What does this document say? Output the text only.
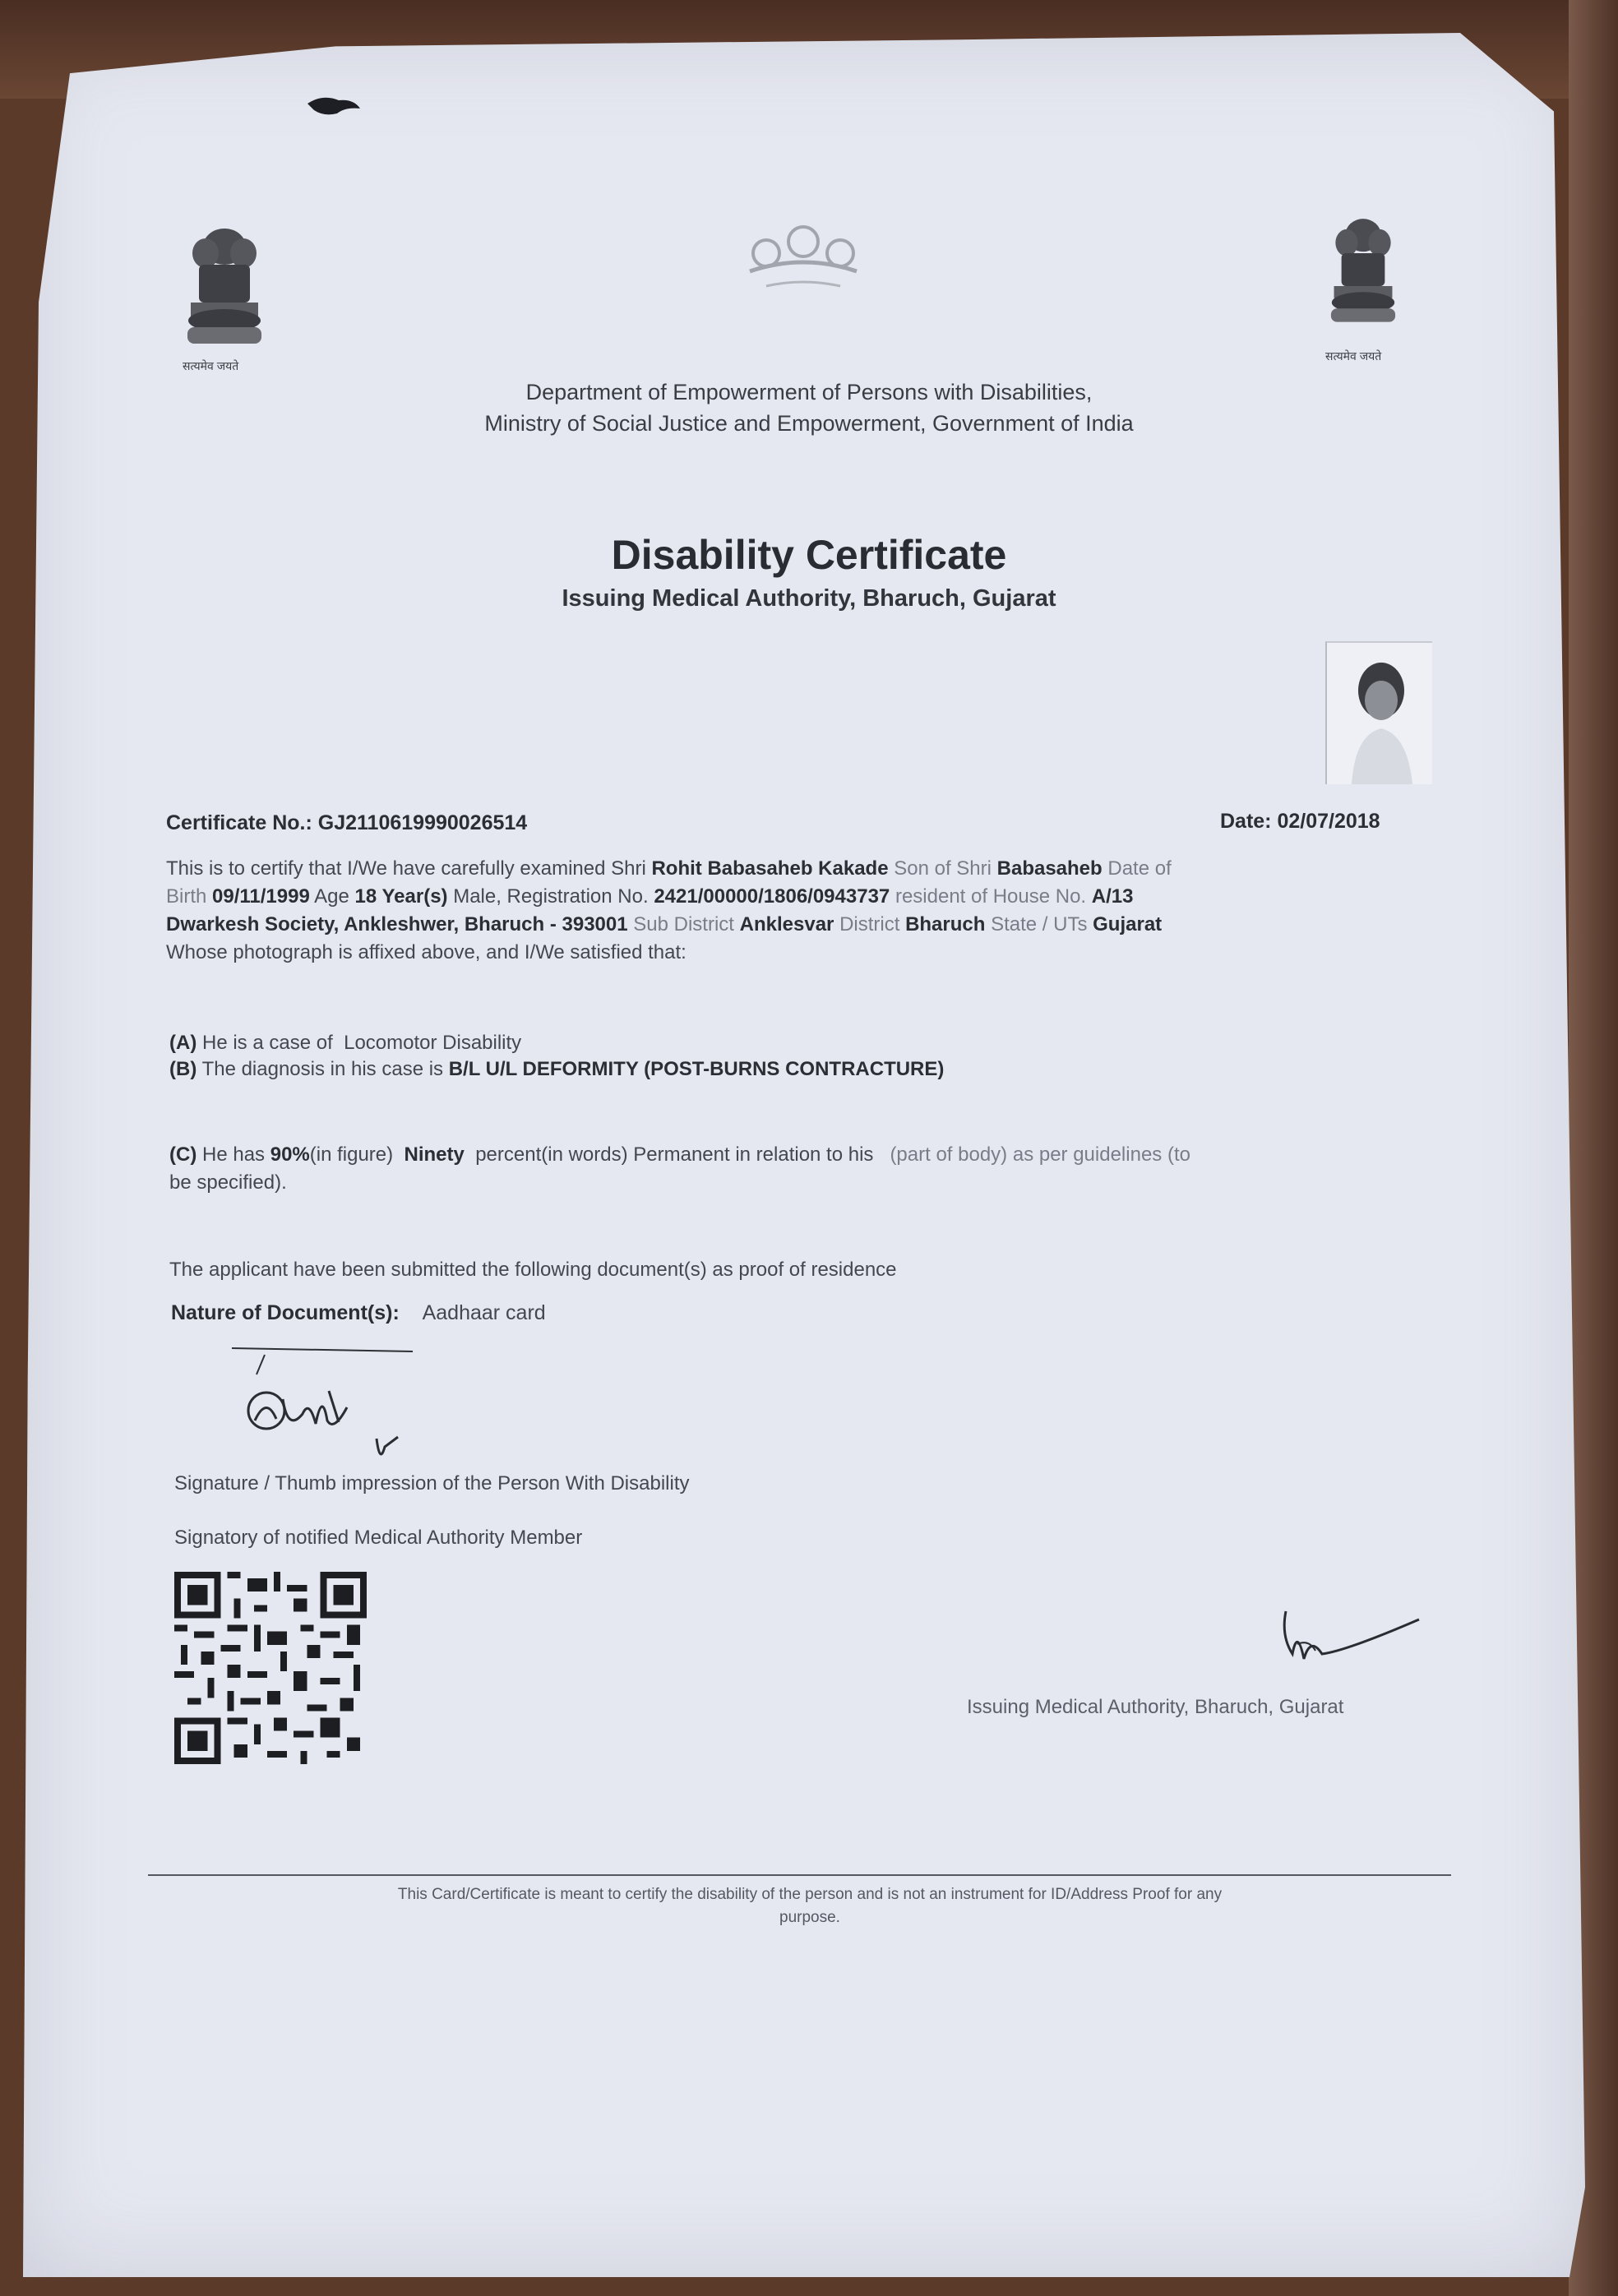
सत्यमेव जयते
सत्यमेव जयते
Department of Empowerment of Persons with Disabilities,
Ministry of Social Justice and Empowerment, Government of India
Disability Certificate
Issuing Medical Authority, Bharuch, Gujarat
Certificate No.: GJ2110619990026514	Date: 02/07/2018
This is to certify that I/We have carefully examined Shri Rohit Babasaheb Kakade Son of Shri Babasaheb Date of
Birth 09/11/1999 Age 18 Year(s) Male, Registration No. 2421/00000/1806/0943737 resident of House No. A/13
Dwarkesh Society, Ankleshwer, Bharuch - 393001 Sub District Anklesvar District Bharuch State / UTs Gujarat
Whose photograph is affixed above, and I/We satisfied that:
(A) He is a case of Locomotor Disability
(B) The diagnosis in his case is B/L U/L DEFORMITY (POST-BURNS CONTRACTURE)
(C) He has 90%(in figure) Ninety percent(in words) Permanent in relation to his (part of body) as per guidelines (to
be specified).
The applicant have been submitted the following document(s) as proof of residence
Nature of Document(s): Aadhaar card
Signature / Thumb impression of the Person With Disability
Signatory of notified Medical Authority Member
Issuing Medical Authority, Bharuch, Gujarat
This Card/Certificate is meant to certify the disability of the person and is not an instrument for ID/Address Proof for any
purpose.
